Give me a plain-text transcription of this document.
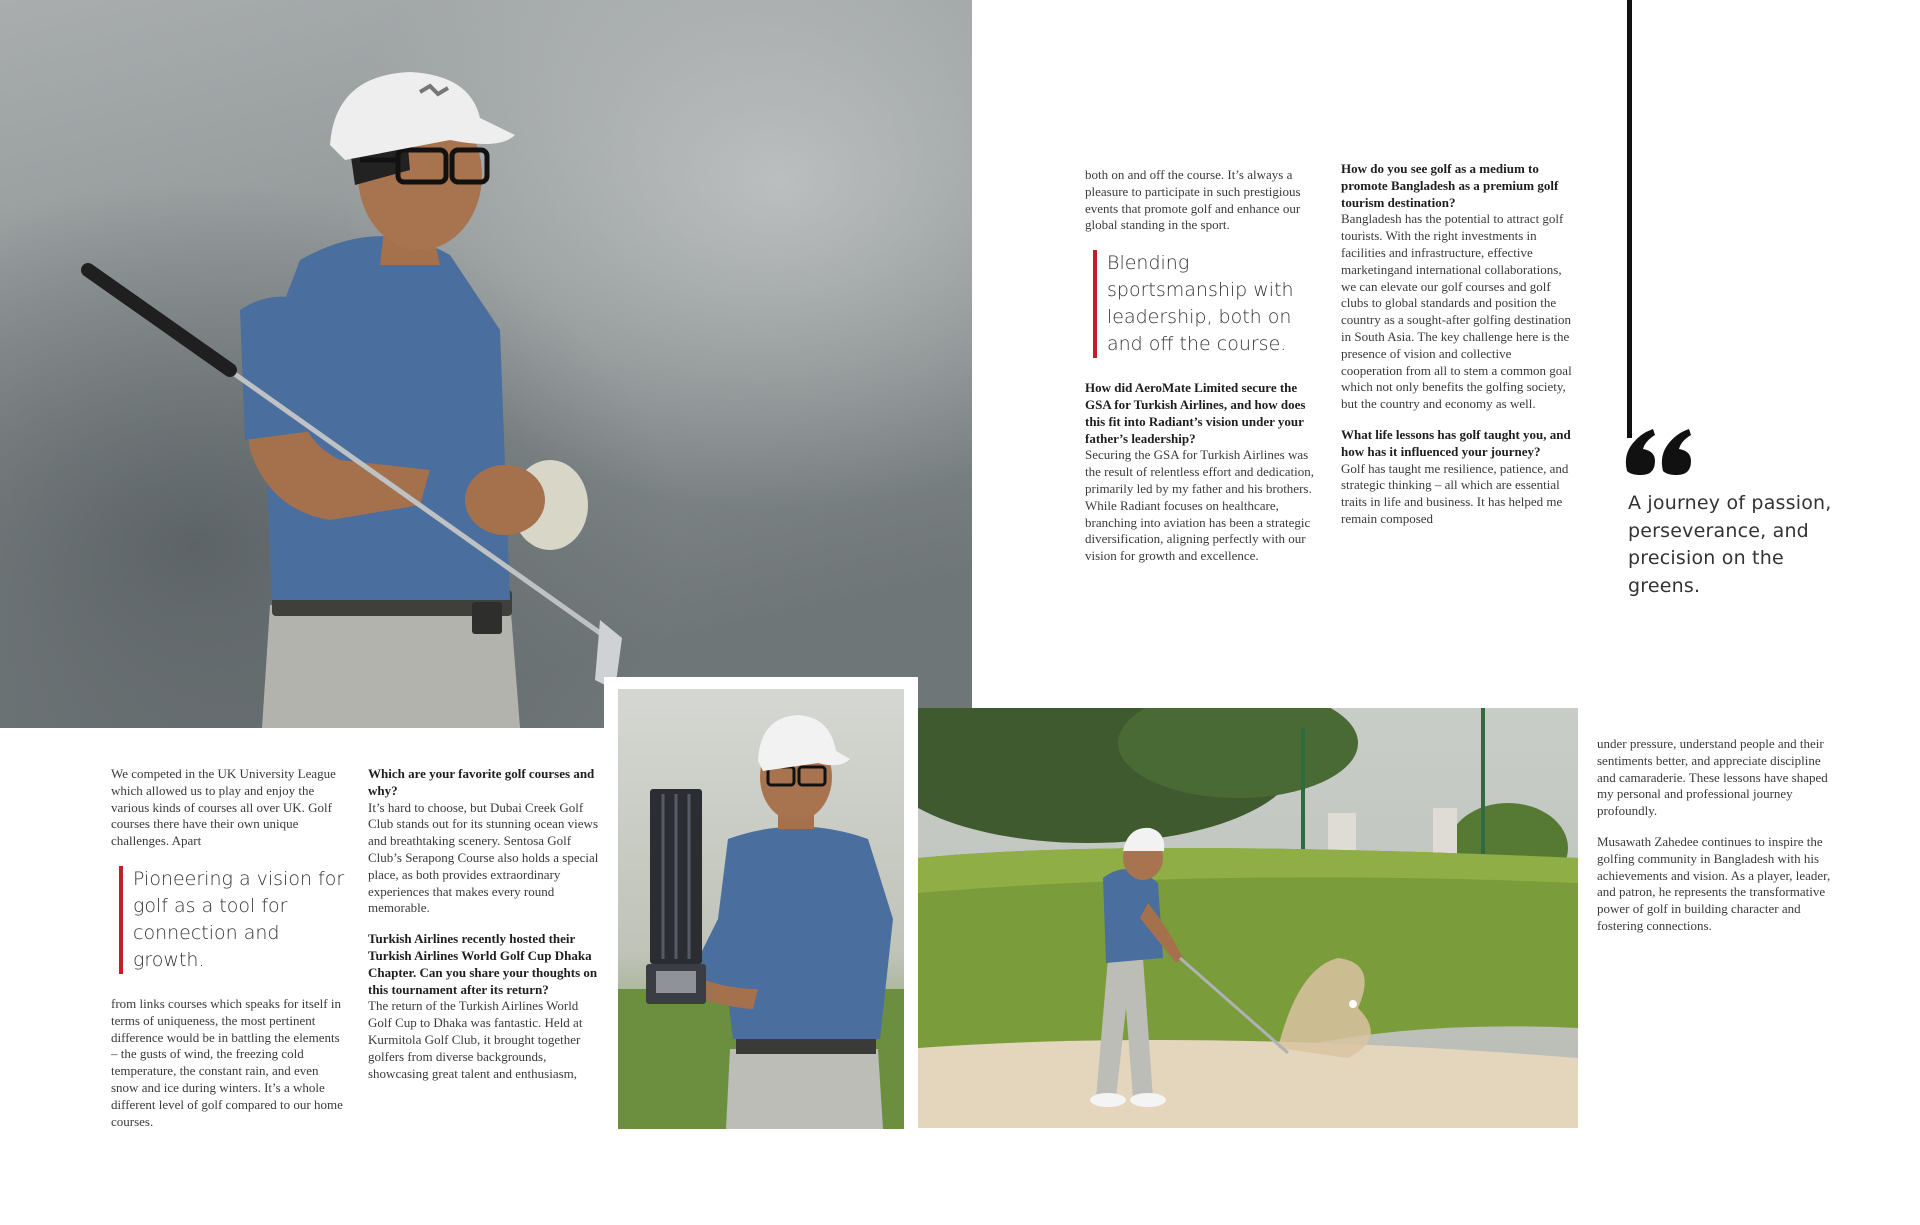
both on and off the course. It’s always a pleasure to participate in such prestigious events that promote golf and enhance our global standing in the sport.

Blending sportsmanship with leadership, both on and off the course.

How did AeroMate Limited secure the GSA for Turkish Airlines, and how does this fit into Radiant’s vision under your father’s leadership?
Securing the GSA for Turkish Airlines was the result of relentless effort and dedication, primarily led by my father and his brothers. While Radiant focuses on healthcare, branching into aviation has been a strategic diversification, aligning perfectly with our vision for growth and excellence.

How do you see golf as a medium to promote Bangladesh as a premium golf tourism destination?
Bangladesh has the potential to attract golf tourists. With the right investments in facilities and infrastructure, effective marketingand international collaborations, we can elevate our golf courses and golf clubs to global standards and position the country as a sought-after golfing destination in South Asia. The key challenge here is the presence of vision and collective cooperation from all to stem a common goal which not only benefits the golfing society, but the country and economy as well.

What life lessons has golf taught you, and how has it influenced your journey?
Golf has taught me resilience, patience, and strategic thinking – all which are essential traits in life and business. It has helped me remain composed

A journey of passion, perseverance, and precision on the greens.

We competed in the UK University League which allowed us to play and enjoy the various kinds of courses all over UK. Golf courses there have their own unique challenges. Apart

Pioneering a vision for golf as a tool for connection and growth.

from links courses which speaks for itself in terms of uniqueness, the most pertinent difference would be in battling the elements – the gusts of wind, the freezing cold temperature, the constant rain, and even snow and ice during winters. It’s a whole different level of golf compared to our home courses.

Which are your favorite golf courses and why?
It’s hard to choose, but Dubai Creek Golf Club stands out for its stunning ocean views and breathtaking scenery. Sentosa Golf Club’s Serapong Course also holds a special place, as both provides extraordinary experiences that makes every round memorable.

Turkish Airlines recently hosted their Turkish Airlines World Golf Cup Dhaka Chapter. Can you share your thoughts on this tournament after its return?
The return of the Turkish Airlines World Golf Cup to Dhaka was fantastic. Held at Kurmitola Golf Club, it brought together golfers from diverse backgrounds, showcasing great talent and enthusiasm,

under pressure, understand people and their sentiments better, and appreciate discipline and camaraderie. These lessons have shaped my personal and professional journey profoundly.

Musawath Zahedee continues to inspire the golfing community in Bangladesh with his achievements and vision. As a player, leader, and patron, he represents the transformative power of golf in building character and fostering connections.
